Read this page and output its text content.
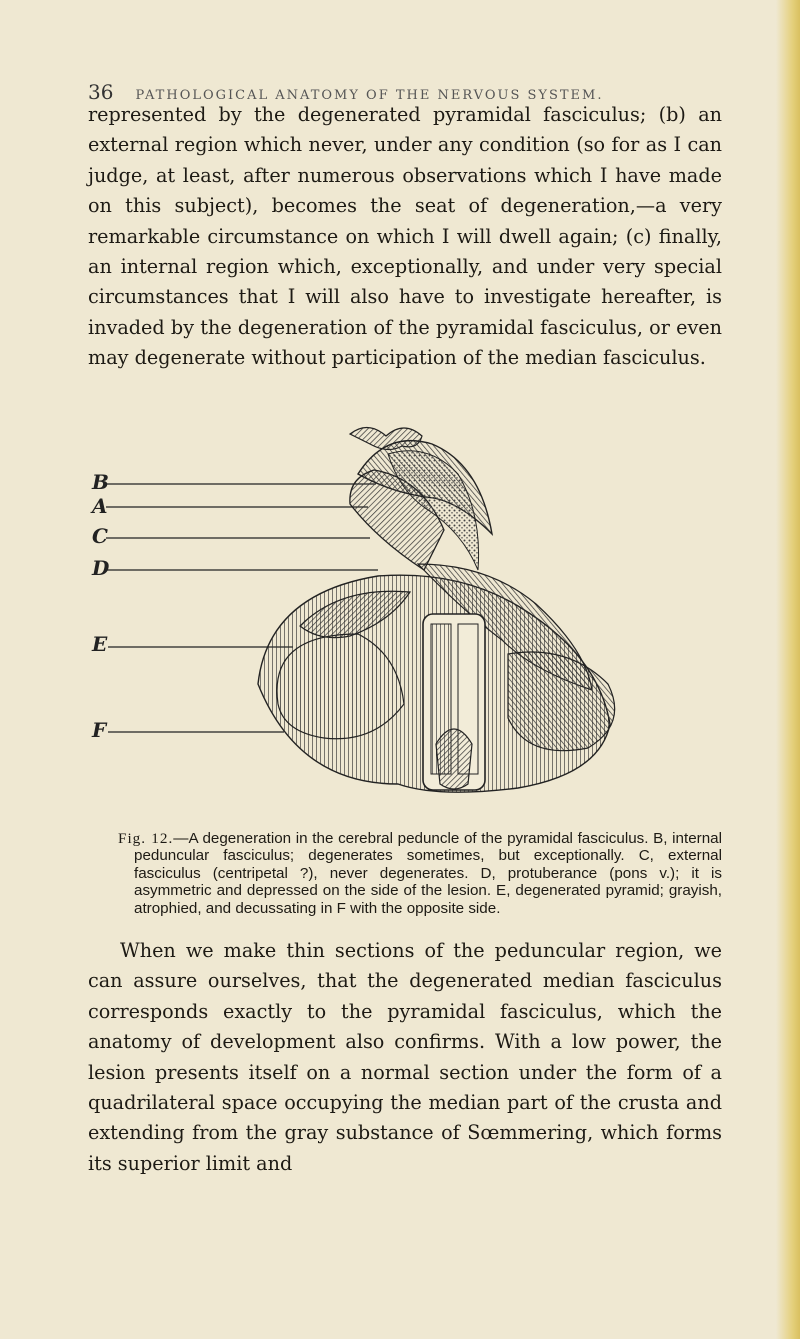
36 PATHOLOGICAL ANATOMY OF THE NERVOUS SYSTEM.
represented by the degenerated pyramidal fasciculus; (b) an external region which never, under any condition (so for as I can judge, at least, after numerous observations which I have made on this subject), becomes the seat of degeneration,—a very remarkable circumstance on which I will dwell again; (c) finally, an internal region which, exceptionally, and under very special circumstances that I will also have to investigate hereafter, is invaded by the degeneration of the pyramidal fasciculus, or even may degenerate without participation of the median fasciculus.
B
A
C
D
E
F
Fig. 12.—A degeneration in the cerebral peduncle of the pyramidal fasciculus. B, internal peduncular fasciculus; degenerates sometimes, but exceptionally. C, external fasciculus (centripetal ?), never degenerates. D, protuberance (pons v.); it is asymmetric and depressed on the side of the lesion. E, degenerated pyramid; grayish, atrophied, and decussating in F with the opposite side.
When we make thin sections of the peduncular region, we can assure ourselves, that the degenerated median fasciculus corresponds exactly to the pyramidal fasciculus, which the anatomy of development also confirms. With a low power, the lesion presents itself on a normal section under the form of a quadrilateral space occupying the median part of the crusta and extending from the gray substance of Sœmmering, which forms its superior limit and
